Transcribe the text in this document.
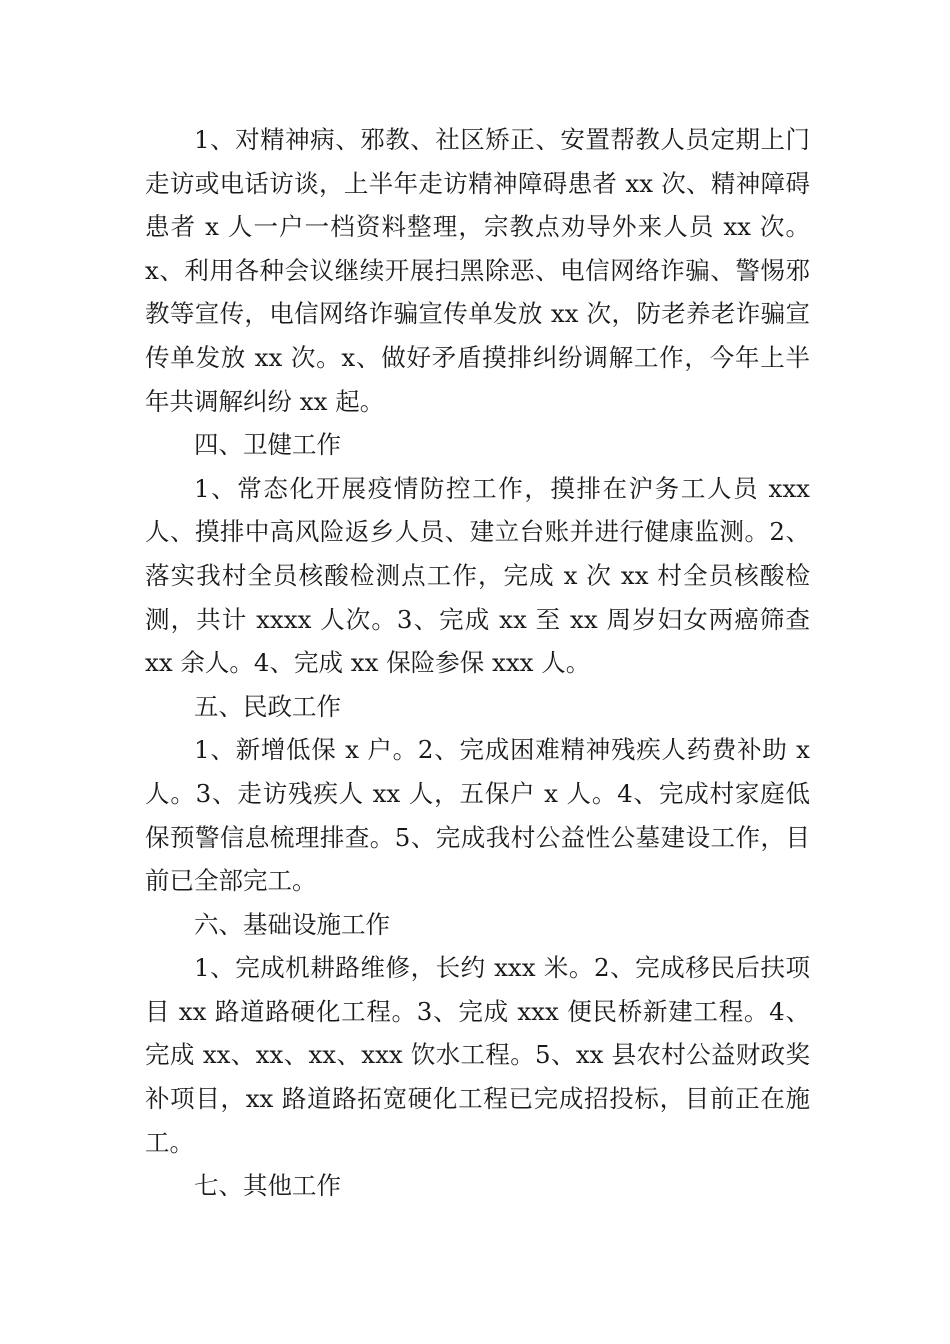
1、对精神病、邪教、社区矫正、安置帮教人员定期上门走访或电话访谈，上半年走访精神障碍患者 xx 次、精神障碍患者 x 人一户一档资料整理，宗教点劝导外来人员 xx 次。x、利用各种会议继续开展扫黑除恶、电信网络诈骗、警惕邪教等宣传，电信网络诈骗宣传单发放 xx 次，防老养老诈骗宣传单发放 xx 次。x、做好矛盾摸排纠纷调解工作，今年上半年共调解纠纷 xx 起。

四、卫健工作

1、常态化开展疫情防控工作，摸排在沪务工人员 xxx 人、摸排中高风险返乡人员、建立台账并进行健康监测。2、落实我村全员核酸检测点工作，完成 x 次 xx 村全员核酸检测，共计 xxxx 人次。3、完成 xx 至 xx 周岁妇女两癌筛查 xx 余人。4、完成 xx 保险参保 xxx 人。

五、民政工作

1、新增低保 x 户。2、完成困难精神残疾人药费补助 x 人。3、走访残疾人 xx 人，五保户 x 人。4、完成村家庭低保预警信息梳理排查。5、完成我村公益性公墓建设工作，目前已全部完工。

六、基础设施工作

1、完成机耕路维修，长约 xxx 米。2、完成移民后扶项目 xx 路道路硬化工程。3、完成 xxx 便民桥新建工程。4、完成 xx、xx、xx、xxx 饮水工程。5、xx 县农村公益财政奖补项目，xx 路道路拓宽硬化工程已完成招投标，目前正在施工。

七、其他工作
